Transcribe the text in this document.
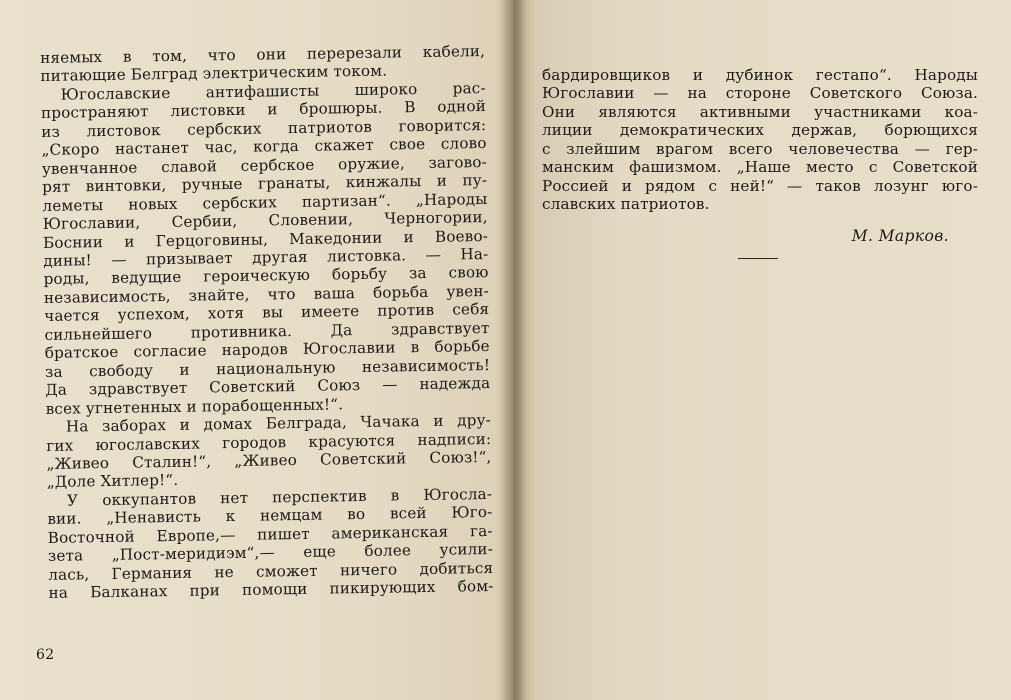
няемых в том, что они перерезали кабели,
питающие Белград электрическим током.
Югославские антифашисты широко рас-
пространяют листовки и брошюры. В одной
из листовок сербских патриотов говорится:
„Скоро настанет час, когда скажет свое слово
увенчанное славой сербское оружие, загово-
рят винтовки, ручные гранаты, кинжалы и пу-
леметы новых сербских партизан“. „Народы
Югославии, Сербии, Словении, Черногории,
Боснии и Герцоговины, Македонии и Воево-
дины! — призывает другая листовка. — На-
роды, ведущие героическую борьбу за свою
независимость, знайте, что ваша борьба увен-
чается успехом, хотя вы имеете против себя
сильнейшего противника. Да здравствует
братское согласие народов Югославии в борьбе
за свободу и национальную независимость!
Да здравствует Советский Союз — надежда
всех угнетенных и порабощенных!“.
На заборах и домах Белграда, Чачака и дру-
гих югославских городов красуются надписи:
„Живео Сталин!“, „Живео Советский Союз!“,
„Доле Хитлер!“.
У оккупантов нет перспектив в Югосла-
вии. „Ненависть к немцам во всей Юго-
Восточной Европе,— пишет американская га-
зета „Пост-меридиэм“,— еще более усили-
лась, Германия не сможет ничего добиться
на Балканах при помощи пикирующих бом-
62
бардировщиков и дубинок гестапо“. Народы
Югославии — на стороне Советского Союза.
Они являются активными участниками коа-
лиции демократических держав, борющихся
с злейшим врагом всего человечества — гер-
манским фашизмом. „Наше место с Советской
Россией и рядом с ней!“ — таков лозунг юго-
славских патриотов.
М. Марков.
